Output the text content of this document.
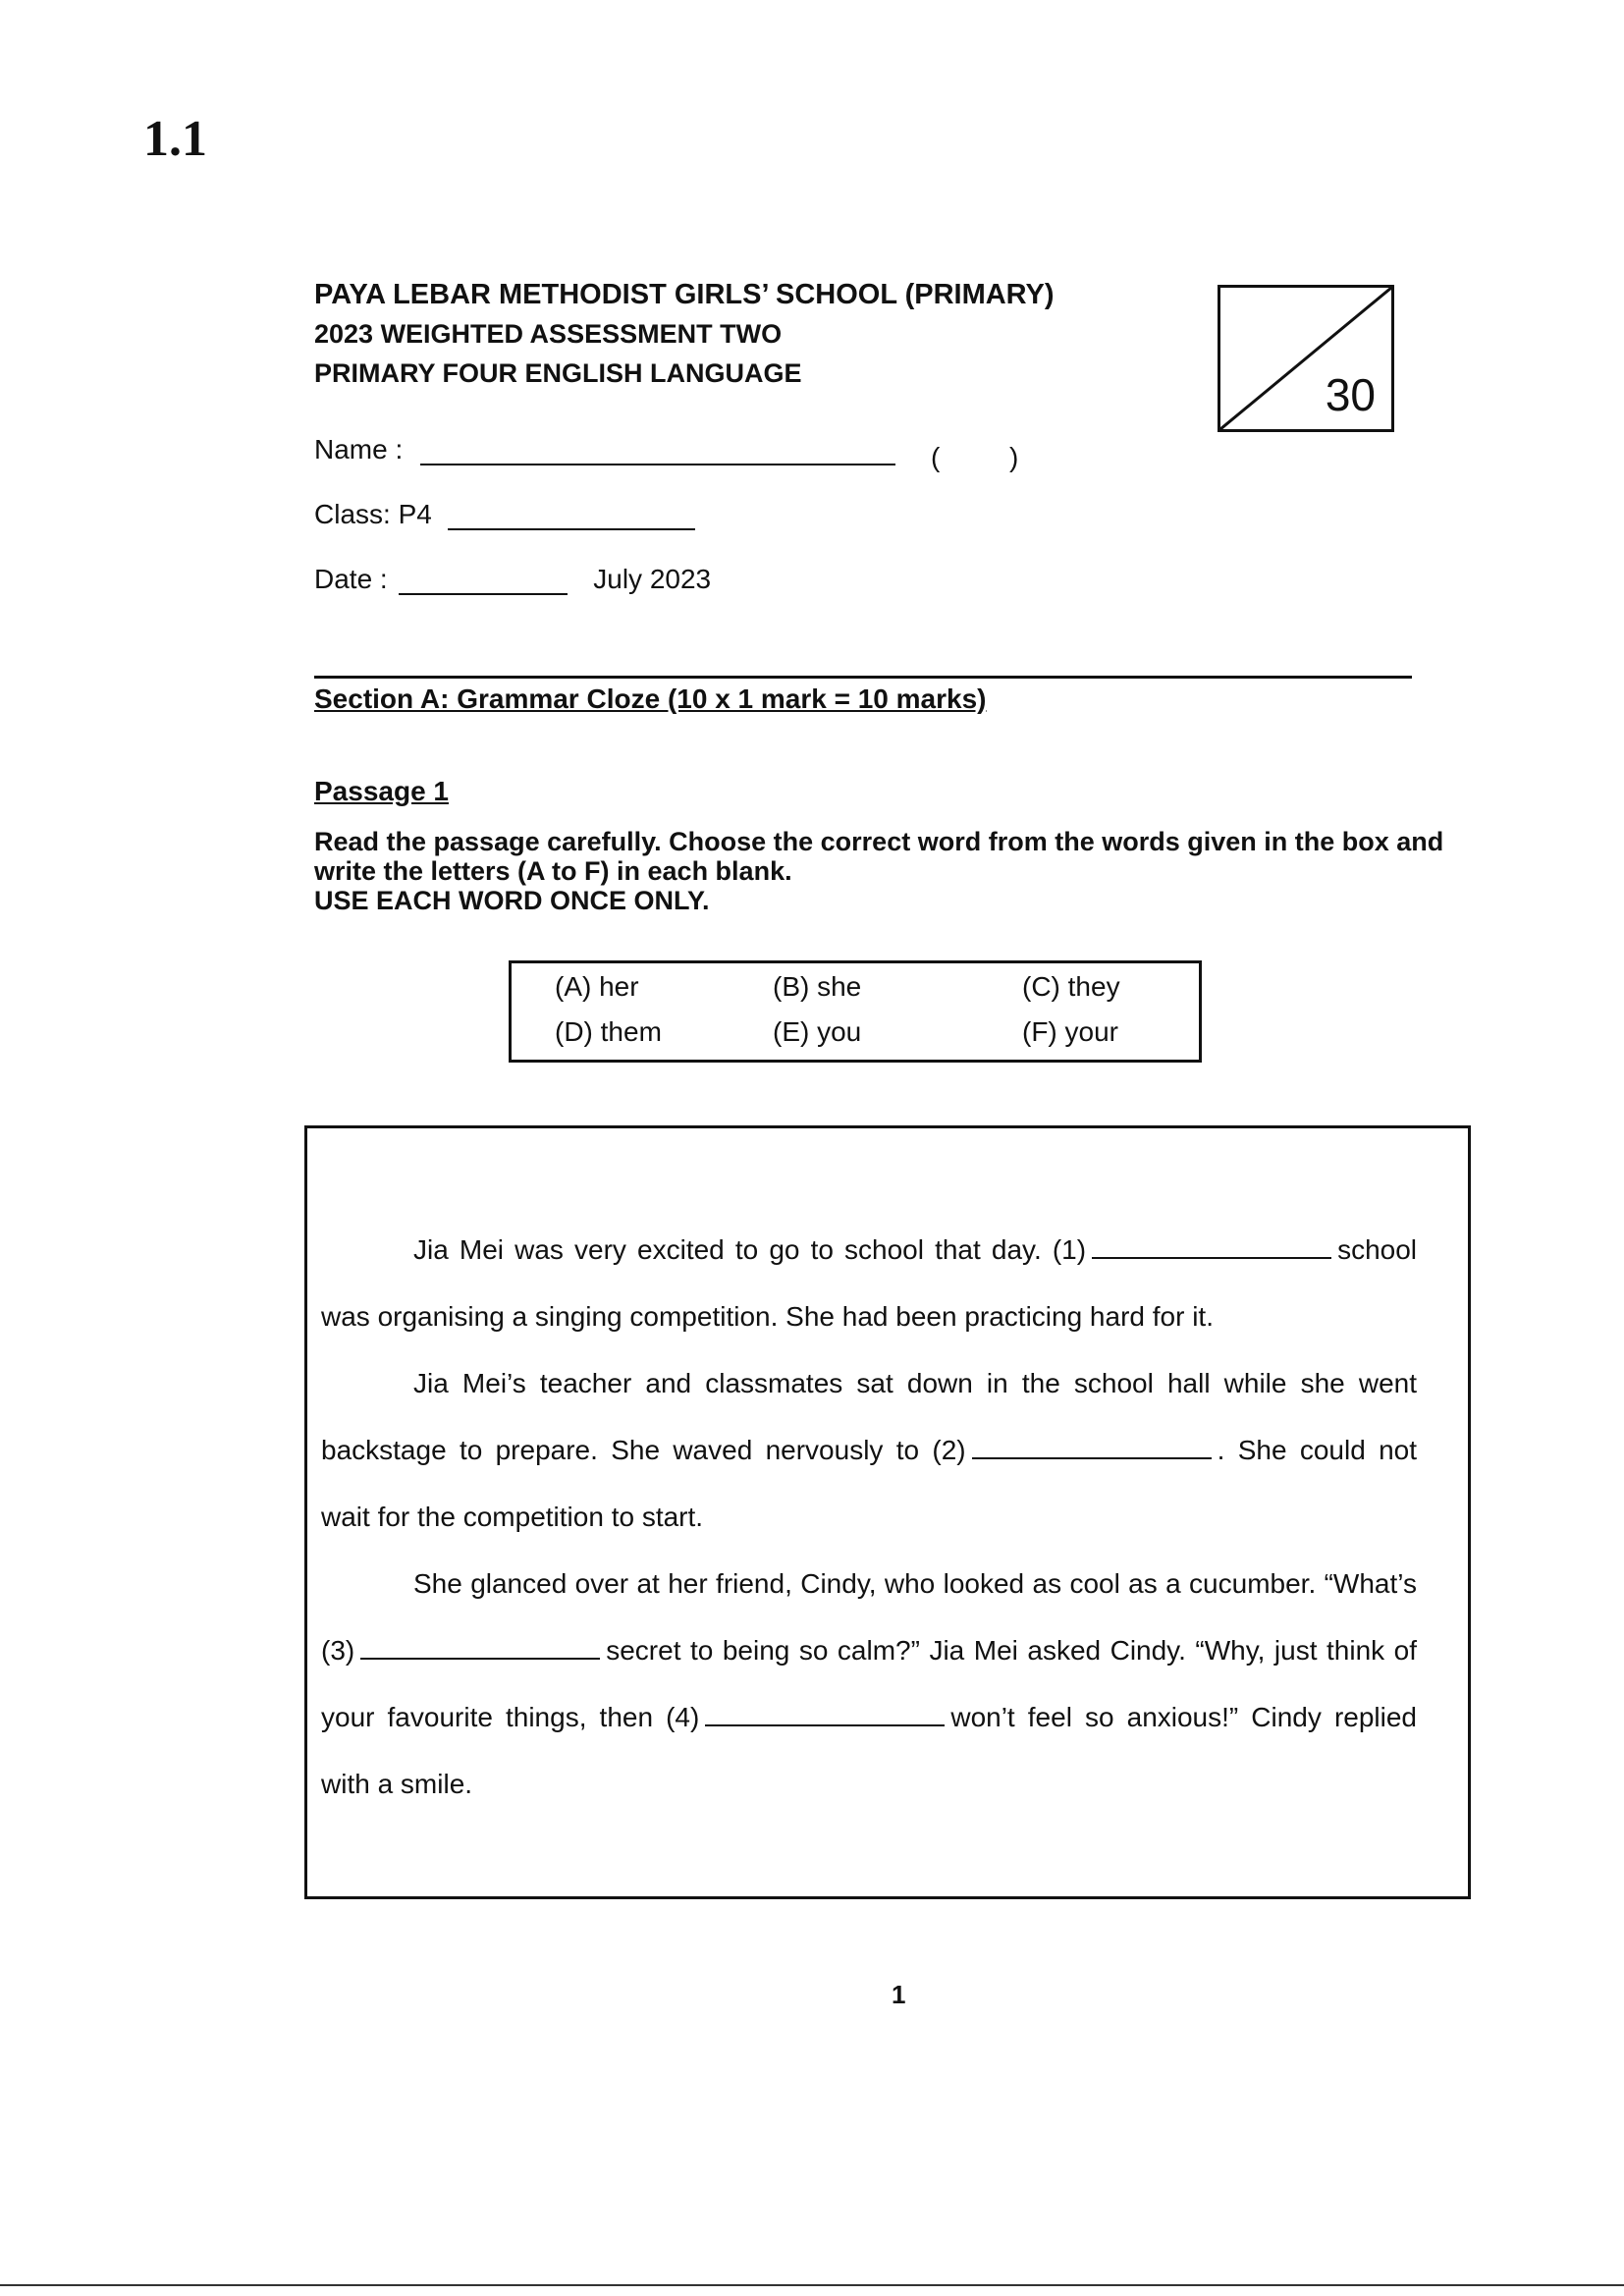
1.1
PAYA LEBAR METHODIST GIRLS’ SCHOOL (PRIMARY)
2023 WEIGHTED ASSESSMENT TWO
PRIMARY FOUR ENGLISH LANGUAGE	30
Name :	(	)
Class: P4
Date :	July 2023
Section A: Grammar Cloze (10 x 1 mark = 10 marks)
Passage 1
Read the passage carefully. Choose the correct word from the words given in the box and write the letters (A to F) in each blank.
USE EACH WORD ONCE ONLY.
(A) her	(B) she	(C) they
(D) them	(E) you	(F) your

Jia Mei was very excited to go to school that day. (1)	school was organising a singing competition. She had been practicing hard for it.

Jia Mei’s teacher and classmates sat down in the school hall while she went backstage to prepare. She waved nervously to (2)	. She could not wait for the competition to start.

She glanced over at her friend, Cindy, who looked as cool as a cucumber. “What’s (3)	secret to being so calm?” Jia Mei asked Cindy. “Why, just think of your favourite things, then (4)	won’t feel so anxious!” Cindy replied with a smile.

1
